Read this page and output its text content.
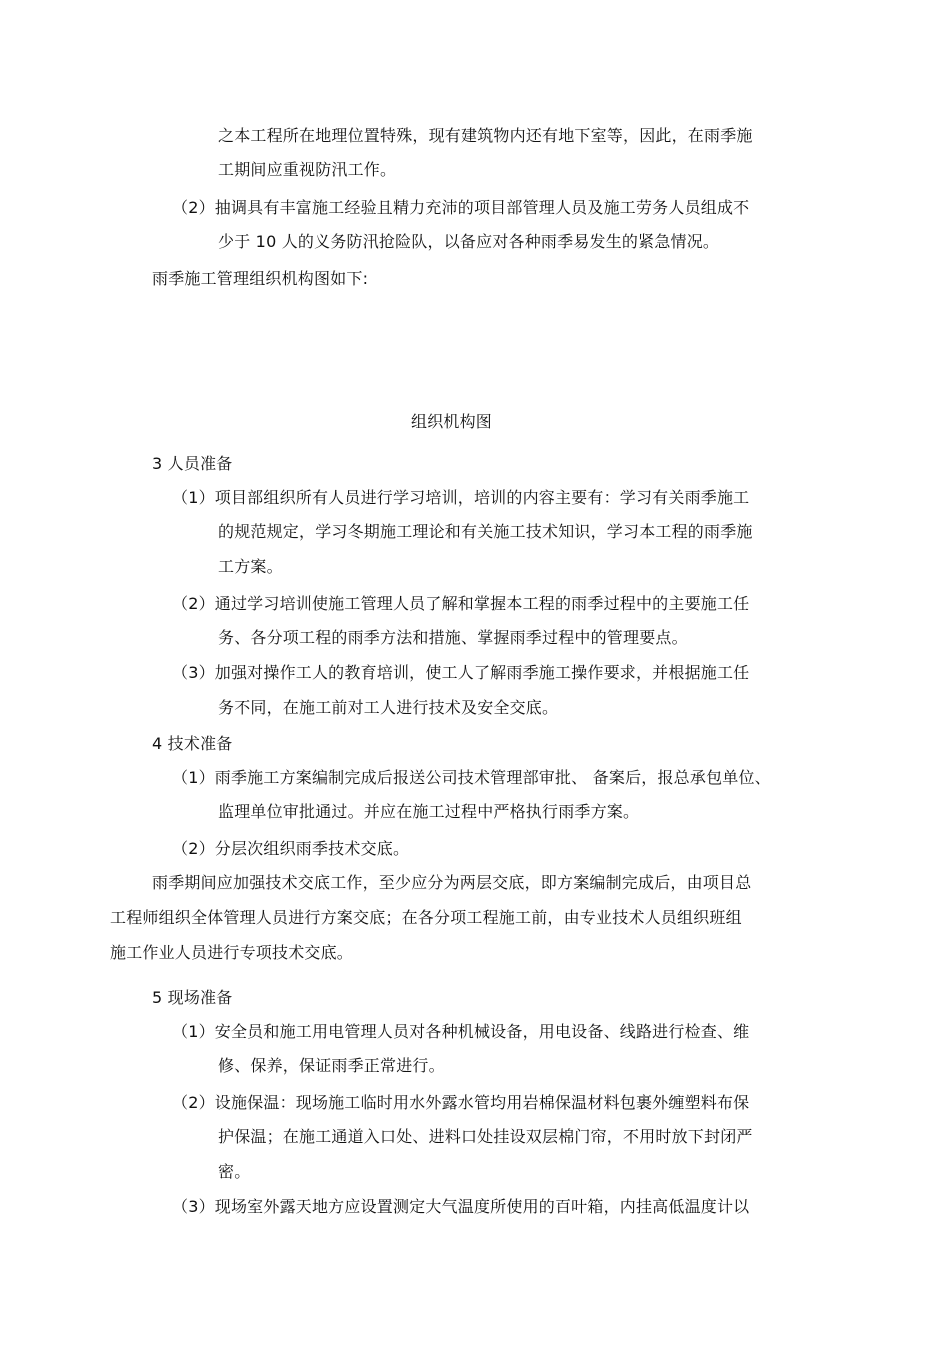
之本工程所在地理位置特殊，现有建筑物内还有地下室等，因此，在雨季施
工期间应重视防汛工作。
（2）抽调具有丰富施工经验且精力充沛的项目部管理人员及施工劳务人员组成不
少于 10 人的义务防汛抢险队，以备应对各种雨季易发生的紧急情况。
雨季施工管理组织机构图如下:
组织机构图
3 人员准备
（1）项目部组织所有人员进行学习培训，培训的内容主要有：学习有关雨季施工
的规范规定，学习冬期施工理论和有关施工技术知识，学习本工程的雨季施
工方案。
（2）通过学习培训使施工管理人员了解和掌握本工程的雨季过程中的主要施工任
务、各分项工程的雨季方法和措施、掌握雨季过程中的管理要点。
（3）加强对操作工人的教育培训，使工人了解雨季施工操作要求，并根据施工任
务不同，在施工前对工人进行技术及安全交底。
4 技术准备
（1）雨季施工方案编制完成后报送公司技术管理部审批、 备案后，报总承包单位、
监理单位审批通过。并应在施工过程中严格执行雨季方案。
（2）分层次组织雨季技术交底。
雨季期间应加强技术交底工作，至少应分为两层交底，即方案编制完成后，由项目总
工程师组织全体管理人员进行方案交底；在各分项工程施工前，由专业技术人员组织班组
施工作业人员进行专项技术交底。
5 现场准备
（1）安全员和施工用电管理人员对各种机械设备，用电设备、线路进行检查、维
修、保养，保证雨季正常进行。
（2）设施保温：现场施工临时用水外露水管均用岩棉保温材料包裹外缠塑料布保
护保温；在施工通道入口处、进料口处挂设双层棉门帘，不用时放下封闭严
密。
（3）现场室外露天地方应设置测定大气温度所使用的百叶箱，内挂高低温度计以
